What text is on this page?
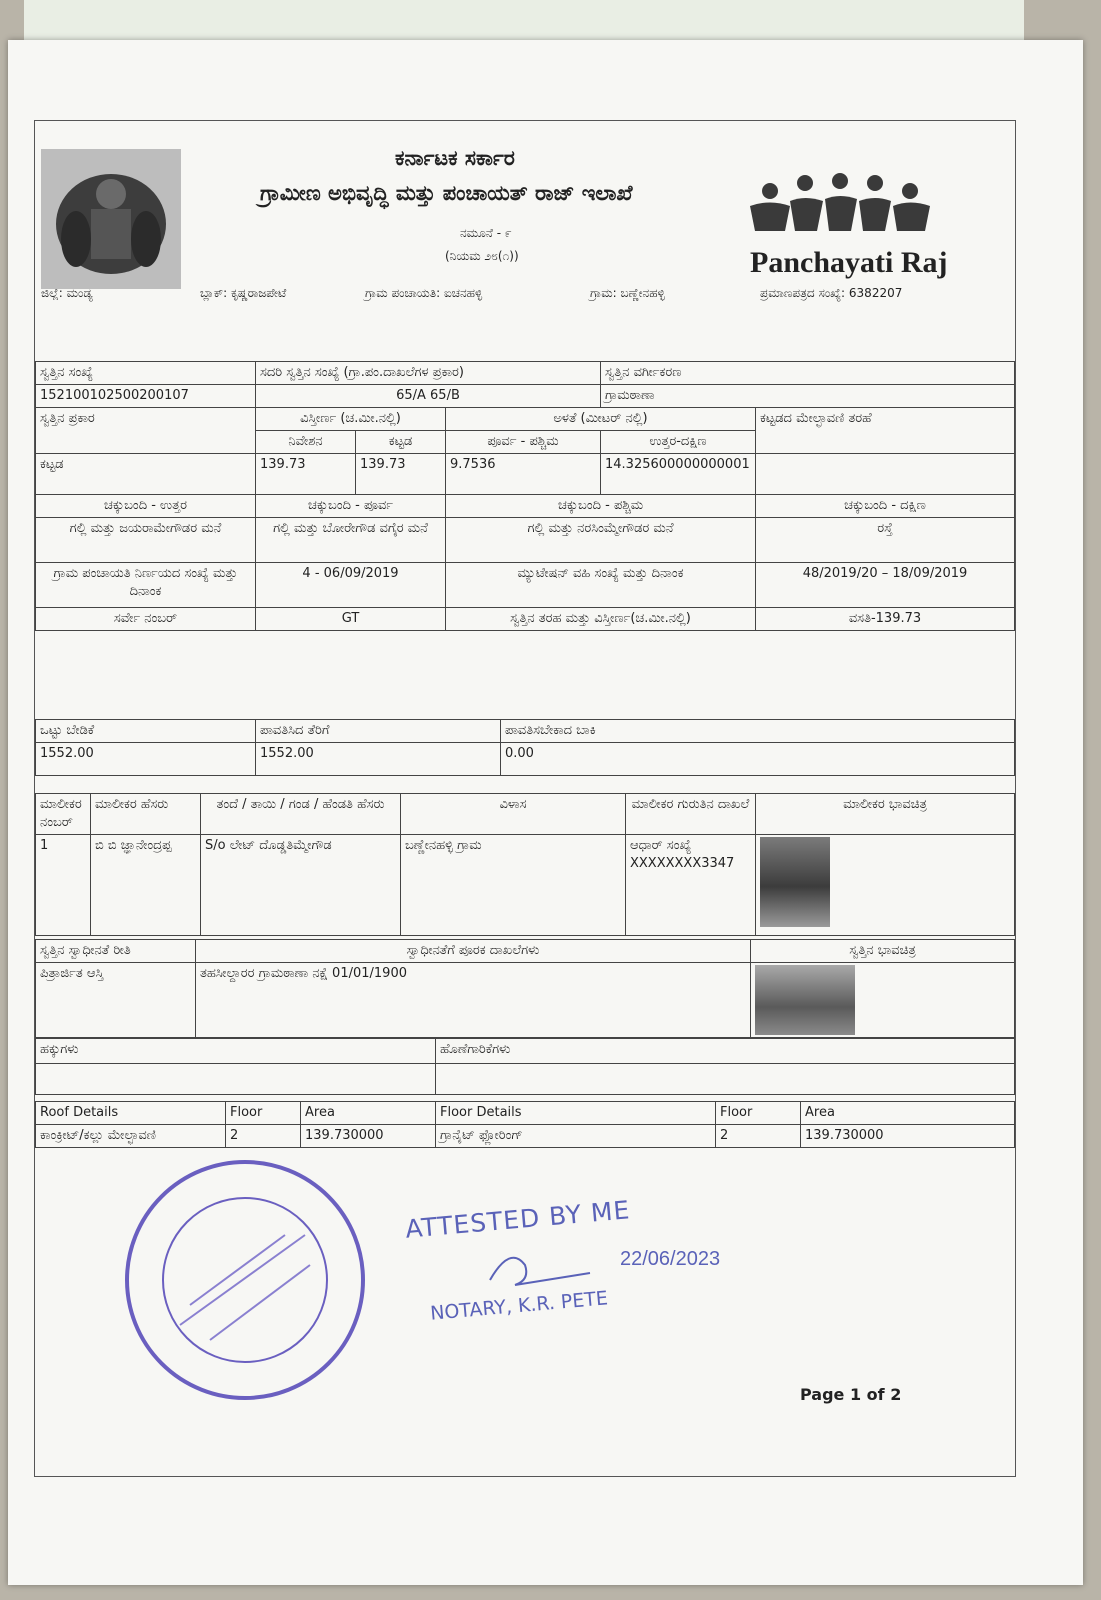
ಕರ್ನಾಟಕ ಸರ್ಕಾರ
ಗ್ರಾಮೀಣ ಅಭಿವೃದ್ಧಿ ಮತ್ತು ಪಂಚಾಯತ್ ರಾಜ್ ಇಲಾಖೆ
ನಮೂನೆ - ೯
(ನಿಯಮ ೨೮(೧))
ಜಿಲ್ಲೆ: ಮಂಡ್ಯ	ಬ್ಲಾಕ್: ಕೃಷ್ಣರಾಜಪೇಟೆ	ಗ್ರಾಮ ಪಂಚಾಯತಿ: ಐಚನಹಳ್ಳಿ	ಗ್ರಾಮ: ಬಣ್ಣೇನಹಳ್ಳಿ	ಪ್ರಮಾಣಪತ್ರದ ಸಂಖ್ಯೆ: 6382207
Panchayati Raj
ಸ್ವತ್ತಿನ ಸಂಖ್ಯೆ	ಸದರಿ ಸ್ವತ್ತಿನ ಸಂಖ್ಯೆ (ಗ್ರಾ.ಪಂ.ದಾಖಲೆಗಳ ಪ್ರಕಾರ)			ಸ್ವತ್ತಿನ ವರ್ಗೀಕರಣ	
152100102500200107	65/A 65/B			ಗ್ರಾಮಠಾಣಾ	
ಸ್ವತ್ತಿನ ಪ್ರಕಾರ	ವಿಸ್ತೀರ್ಣ (ಚ.ಮೀ.ನಲ್ಲಿ)		ಅಳತೆ (ಮೀಟರ್ ನಲ್ಲಿ)		ಕಟ್ಟಡದ ಮೇಲ್ಛಾವಣಿ ತರಹೆ
	ನಿವೇಶನ	ಕಟ್ಟಡ	ಪೂರ್ವ - ಪಶ್ಚಿಮ	ಉತ್ತರ-ದಕ್ಷಿಣ	
ಕಟ್ಟಡ	139.73	139.73	9.7536	14.325600000000001	
ಚಕ್ಕುಬಂದಿ - ಉತ್ತರ	ಚಕ್ಕುಬಂದಿ - ಪೂರ್ವ		ಚಕ್ಕುಬಂದಿ - ಪಶ್ಚಿಮ		ಚಕ್ಕುಬಂದಿ - ದಕ್ಷಿಣ
ಗಲ್ಲಿ ಮತ್ತು ಜಯರಾಮೇಗೌಡರ ಮನೆ	ಗಲ್ಲಿ ಮತ್ತು ಬೋರೇಗೌಡ ವಗೈರ ಮನೆ		ಗಲ್ಲಿ ಮತ್ತು ನರಸಿಂಮ್ಮೇಗೌಡರ ಮನೆ		ರಸ್ತೆ
ಗ್ರಾಮ ಪಂಚಾಯತಿ ನಿರ್ಣಯದ ಸಂಖ್ಯೆ ಮತ್ತು ದಿನಾಂಕ	4 - 06/09/2019		ಮ್ಯುಟೇಷನ್ ವಹಿ ಸಂಖ್ಯೆ ಮತ್ತು ದಿನಾಂಕ		48/2019/20 – 18/09/2019
ಸರ್ವೇ ನಂಬರ್	GT		ಸ್ವತ್ತಿನ ತರಹ ಮತ್ತು ವಿಸ್ತೀರ್ಣ(ಚ.ಮೀ.ನಲ್ಲಿ)		ವಸತಿ-139.73
ಒಟ್ಟು ಬೇಡಿಕೆ	ಪಾವತಿಸಿದ ತೆರಿಗೆ	ಪಾವತಿಸಬೇಕಾದ ಬಾಕಿ
1552.00	1552.00	0.00
ಮಾಲೀಕರ ನಂಬರ್	ಮಾಲೀಕರ ಹೆಸರು	ತಂದೆ / ತಾಯಿ / ಗಂಡ / ಹೆಂಡತಿ ಹೆಸರು	ವಿಳಾಸ	ಮಾಲೀಕರ ಗುರುತಿನ ದಾಖಲೆ	ಮಾಲೀಕರ ಭಾವಚಿತ್ರ
1	ಬಿ ಬಿ ಜ್ಞಾನೇಂದ್ರಪ್ಪ	S/o ಲೇಟ್ ದೊಡ್ಡತಿಮ್ಮೇಗೌಡ	ಬಣ್ಣೇನಹಳ್ಳಿ ಗ್ರಾಮ	ಆಧಾರ್ ಸಂಖ್ಯೆ XXXXXXXX3347	
ಸ್ವತ್ತಿನ ಸ್ವಾಧೀನತೆ ರೀತಿ	ಸ್ವಾಧೀನತೆಗೆ ಪೂರಕ ದಾಖಲೆಗಳು	ಸ್ವತ್ತಿನ ಭಾವಚಿತ್ರ
ಪಿತ್ರಾರ್ಜಿತ ಆಸ್ತಿ	ತಹಸೀಲ್ದಾರರ ಗ್ರಾಮಠಾಣಾ ನಕ್ಷೆ 01/01/1900	
ಹಕ್ಕುಗಳು	ಹೊಣೆಗಾರಿಕೆಗಳು

Roof Details	Floor	Area	Floor Details	Floor	Area
ಕಾಂಕ್ರೀಟ್/ಕಲ್ಲು ಮೇಲ್ಛಾವಣಿ	2	139.730000	ಗ್ರಾನೈಟ್ ಫ್ಲೋರಿಂಗ್	2	139.730000
ATTESTED BY ME
22/06/2023
NOTARY, K.R. PETE
Page 1 of 2
